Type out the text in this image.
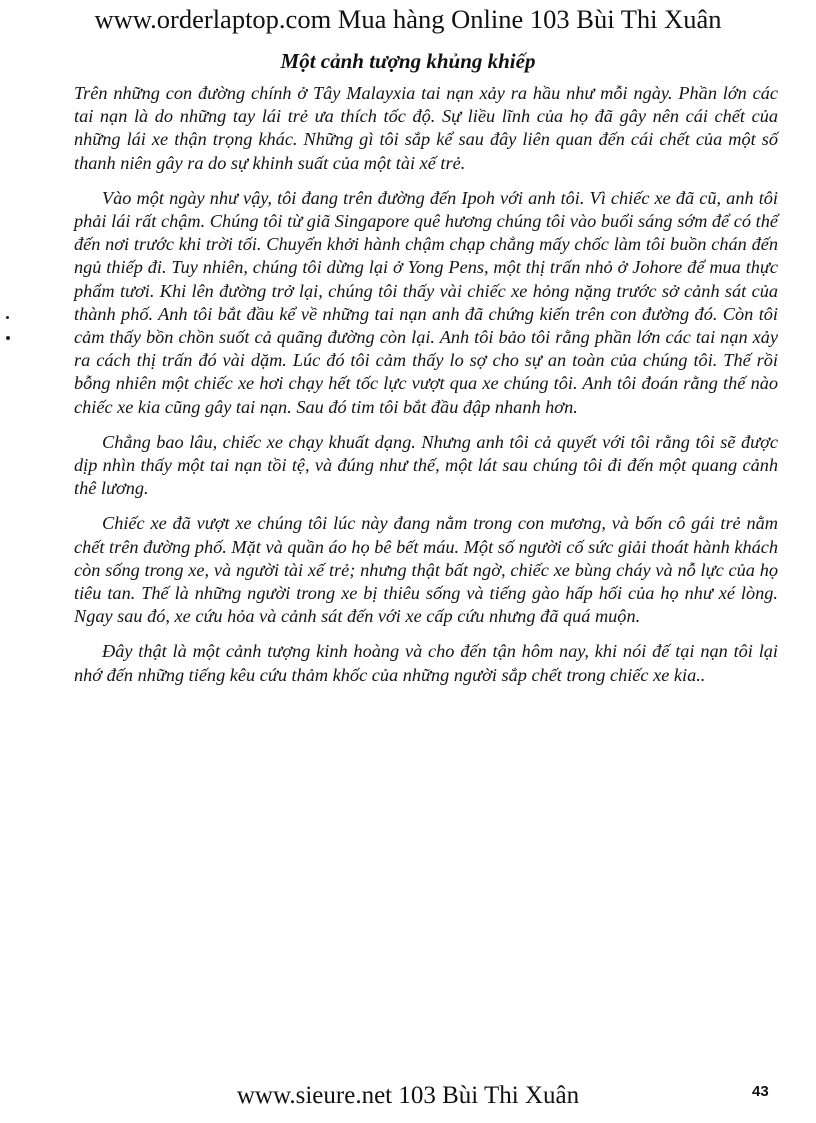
www.orderlaptop.com Mua hàng Online 103 Bùi Thi Xuân
Một cảnh tượng khủng khiếp

Trên những con đường chính ở Tây Malayxia tai nạn xảy ra hầu như mỗi ngày. Phần lớn các tai nạn là do những tay lái trẻ ưa thích tốc độ. Sự liều lĩnh của họ đã gây nên cái chết của những lái xe thận trọng khác. Những gì tôi sắp kể sau đây liên quan đến cái chết của một số thanh niên gây ra do sự khinh suất của một tài xế trẻ.

Vào một ngày như vậy, tôi đang trên đường đến Ipoh với anh tôi. Vì chiếc xe đã cũ, anh tôi phải lái rất chậm. Chúng tôi từ giã Singapore quê hương chúng tôi vào buổi sáng sớm để có thể đến nơi trước khi trời tối. Chuyến khởi hành chậm chạp chẳng mấy chốc làm tôi buồn chán đến ngủ thiếp đi. Tuy nhiên, chúng tôi dừng lại ở Yong Pens, một thị trấn nhỏ ở Johore để mua thực phẩm tươi. Khi lên đường trở lại, chúng tôi thấy vài chiếc xe hỏng nặng trước sở cảnh sát của thành phố. Anh tôi bắt đầu kể về những tai nạn anh đã chứng kiến trên con đường đó. Còn tôi cảm thấy bồn chồn suốt cả quãng đường còn lại. Anh tôi bảo tôi rằng phần lớn các tai nạn xảy ra cách thị trấn đó vài dặm. Lúc đó tôi cảm thấy lo sợ cho sự an toàn của chúng tôi. Thế rồi bỗng nhiên một chiếc xe hơi chạy hết tốc lực vượt qua xe chúng tôi. Anh tôi đoán rằng thế nào chiếc xe kia cũng gây tai nạn. Sau đó tim tôi bắt đầu đập nhanh hơn.

Chẳng bao lâu, chiếc xe chạy khuất dạng. Nhưng anh tôi cả quyết với tôi rằng tôi sẽ được dịp nhìn thấy một tai nạn tồi tệ, và đúng như thế, một lát sau chúng tôi đi đến một quang cảnh thê lương.

Chiếc xe đã vượt xe chúng tôi lúc này đang nằm trong con mương, và bốn cô gái trẻ nằm chết trên đường phố. Mặt và quần áo họ bê bết máu. Một số người cố sức giải thoát hành khách còn sống trong xe, và người tài xế trẻ; nhưng thật bất ngờ, chiếc xe bùng cháy và nỗ lực của họ tiêu tan. Thế là những người trong xe bị thiêu sống và tiếng gào hấp hối của họ như xé lòng. Ngay sau đó, xe cứu hỏa và cảnh sát đến với xe cấp cứu nhưng đã quá muộn.

Đây thật là một cảnh tượng kinh hoàng và cho đến tận hôm nay, khi nói đế tại nạn tôi lại nhớ đến những tiếng kêu cứu thảm khốc của những người sắp chết trong chiếc xe kia..

www.sieure.net 103 Bùi Thi Xuân	43
